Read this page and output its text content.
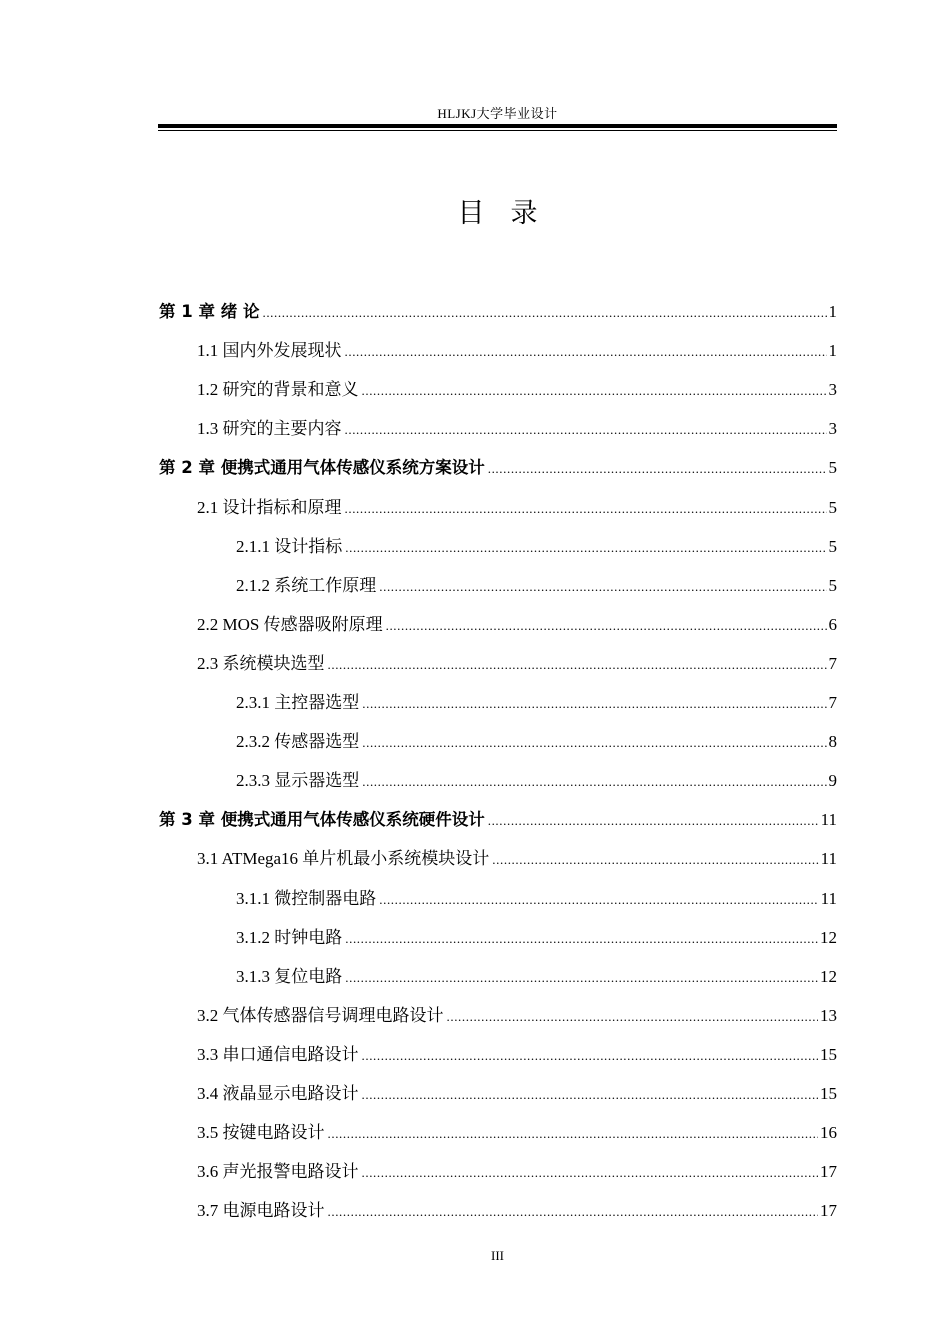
HLJKJ大学毕业设计
目录
第 1 章 绪 论 .....	1
1.1 国内外发展现状 .....	1
1.2 研究的背景和意义 .....	3
1.3 研究的主要内容 .....	3
第 2 章 便携式通用气体传感仪系统方案设计 .....	5
2.1 设计指标和原理 .....	5
2.1.1 设计指标 .....	5
2.1.2 系统工作原理 .....	5
2.2 MOS 传感器吸附原理 .....	6
2.3 系统模块选型 .....	7
2.3.1 主控器选型 .....	7
2.3.2 传感器选型 .....	8
2.3.3 显示器选型 .....	9
第 3 章 便携式通用气体传感仪系统硬件设计 .....	11
3.1 ATMega16 单片机最小系统模块设计 .....	11
3.1.1 微控制器电路 .....	11
3.1.2 时钟电路 .....	12
3.1.3 复位电路 .....	12
3.2 气体传感器信号调理电路设计 .....	13
3.3 串口通信电路设计 .....	15
3.4 液晶显示电路设计 .....	15
3.5 按键电路设计 .....	16
3.6 声光报警电路设计 .....	17
3.7 电源电路设计 .....	17
III
